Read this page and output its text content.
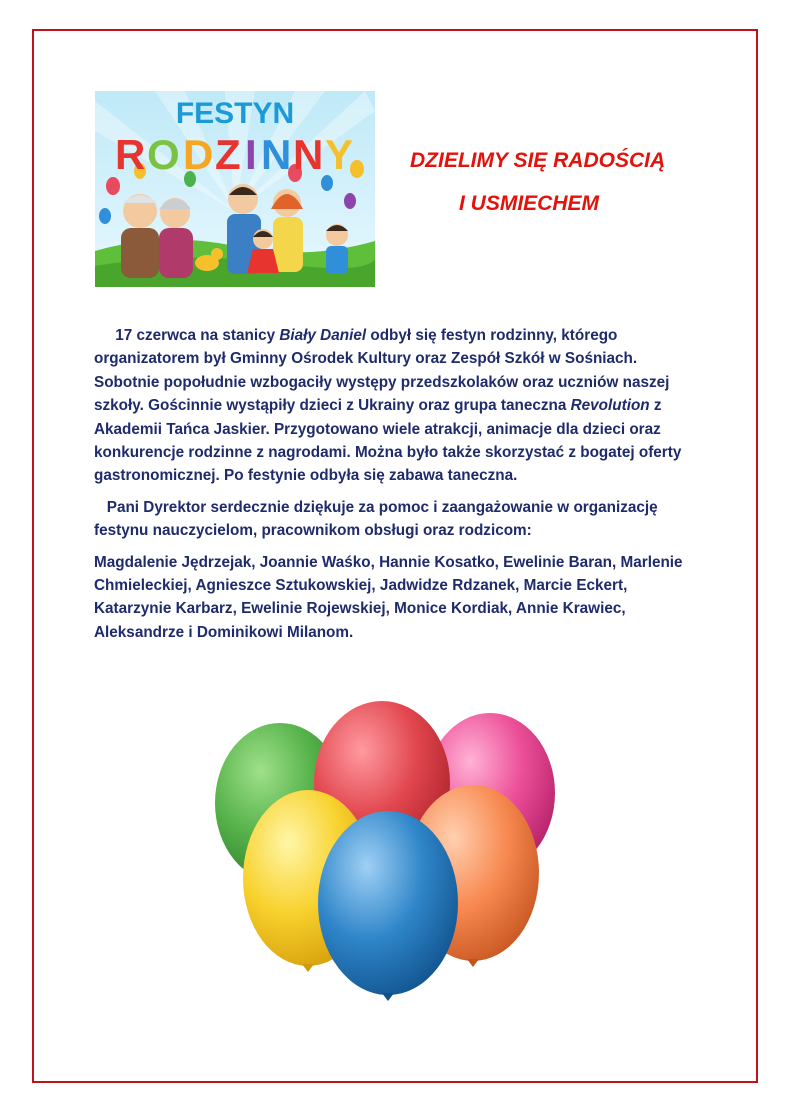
FESTYN
R O D Z I N N Y	DZIELIMY SIĘ RADOŚCIĄ
I USMIECHEM

17 czerwca na stanicy Biały Daniel odbył się festyn rodzinny, którego organizatorem był Gminny Ośrodek Kultury oraz Zespół Szkół w Sośniach. Sobotnie popołudnie wzbogaciły występy przedszkolaków oraz uczniów naszej szkoły. Gościnnie wystąpiły dzieci z Ukrainy oraz grupa taneczna Revolution z Akademii Tańca Jaskier. Przygotowano wiele atrakcji, animacje dla dzieci oraz konkurencje rodzinne z nagrodami. Można było także skorzystać z bogatej oferty gastronomicznej. Po festynie odbyła się zabawa taneczna.

Pani Dyrektor serdecznie dziękuje za pomoc i zaangażowanie w organizację festynu nauczycielom, pracownikom obsługi oraz rodzicom:

Magdalenie Jędrzejak, Joannie Waśko, Hannie Kosatko, Ewelinie Baran, Marlenie Chmieleckiej, Agnieszce Sztukowskiej, Jadwidze Rdzanek, Marcie Eckert, Katarzynie Karbarz, Ewelinie Rojewskiej, Monice Kordiak, Annie Krawiec, Aleksandrze i Dominikowi Milanom.
